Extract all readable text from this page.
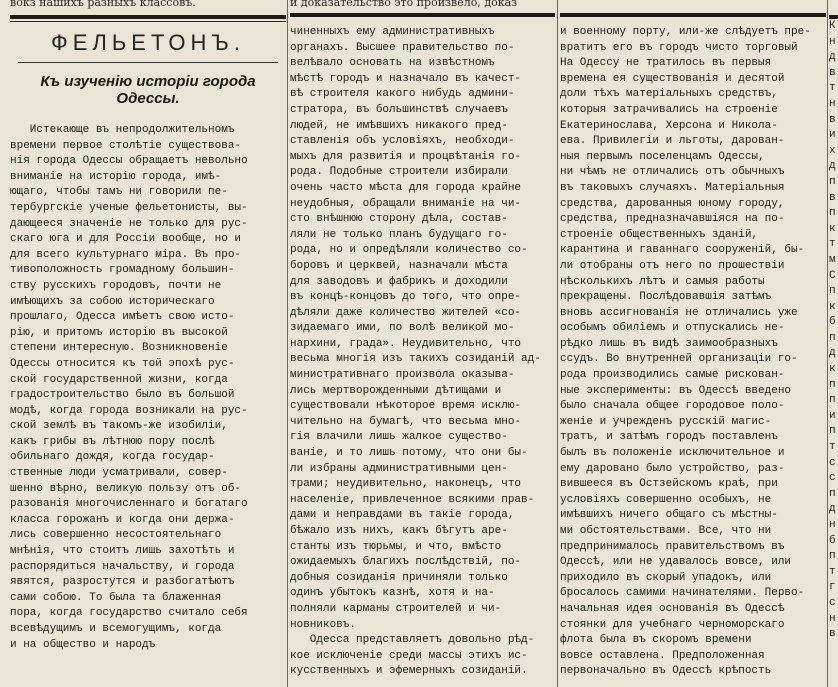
вокз нашихъ разныхъ классовъ.
ФЕЛЬЕТОНЪ.
Къ изученію исторіи города Одессы.

Истекающе въ непродолжительномъ
времени первое столѣтіе существова-
нія города Одессы обращаетъ невольно
вниманіе на исторію города, имѣ-
ющаго, чтобы тамъ ни говорили пе-
тербургскіе ученые фельетонисты, вы-
дающееся значеніе не только для рус-
скаго юга и для Россіи вообще, но и
для всего культурнаго міра. Въ про-
тивоположность громадному большин-
ству русскихъ городовъ, почти не
имѣющихъ за собою историческаго
прошлаго, Одесса имѣетъ свою исто-
рію, и притомъ исторію въ высокой
степени интересную. Возникновеніе
Одессы относится къ той эпохѣ рус-
ской государственной жизни, когда
градостроительство было въ большой
модѣ, когда города возникали на рус-
ской землѣ въ такомъ-же изобиліи,
какъ грибы въ лѣтнюю пору послѣ
обильнаго дождя, когда государ-
ственные люди усматривали, совер-
шенно вѣрно, великую пользу отъ об-
разованія многочисленнаго и богатаго
класса горожанъ и когда они держа-
лись совершенно несостоятельнаго
мнѣнія, что стоитъ лишь захотѣть и
распорядиться начальству, и города
явятся, разростутся и разбогатѣютъ
сами собою. То была та блаженная
пора, когда государство считало себя
всевѣдущимъ и всемогущимъ, когда
и на общество и народъ

и доказательство это произвело, доказ

чиненныхъ ему административныхъ
органахъ. Высшее правительство по-
велѣвало основать на извѣстномъ
мѣстѣ городъ и назначало въ качест-
вѣ строителя какого нибудь админи-
стратора, въ большинствѣ случаевъ
людей, не имѣвшихъ никакого пред-
ставленія объ условіяхъ, необходи-
мыхъ для развитія и процвѣтанія го-
рода. Подобные строители избирали
очень часто мѣста для города крайне
неудобныя, обращали вниманіе на чи-
сто внѣшнюю сторону дѣла, состав-
ляли не только планъ будущаго го-
рода, но и опредѣляли количество со-
боровъ и церквей, назначали мѣста
для заводовъ и фабрикъ и доходили
въ концѣ-концовъ до того, что опре-
дѣляли даже количество жителей «со-
зидаемаго ими, по волѣ великой мо-
нархини, града». Неудивительно, что
весьма многія изъ такихъ созиданій ад-
министративнаго произвола оказыва-
лись мертворожденными дѣтищами и
существовали нѣкоторое время исклю-
чительно на бумагѣ, что весьма мно-
гія влачили лишь жалкое существо-
ваніе, и то лишь потому, что они бы-
ли избраны административными цен-
трами; неудивительно, наконецъ, что
населеніе, привлеченное всякими прав-
дами и неправдами въ такіе города,
бѣжало изъ нихъ, какъ бѣгутъ аре-
станты изъ тюрьмы, и что, вмѣсто
ожидаемыхъ благихъ послѣдствій, по-
добныя созиданія причиняли только
одинъ убытокъ казнѣ, хотя и на-
полняли карманы строителей и чи-
новниковъ.
Одесса представляетъ довольно рѣд-
кое исключеніе среди массы этихъ ис-
кусственныхъ и эфемерныхъ созиданій.

и военному порту, или-же слѣдуетъ пре-
вратитъ его въ городъ чисто торговый
На Одессу не тратилось въ первыя
времена ея существованія и десятой
доли тѣхъ матеріальныхъ средствъ,
которыя затрачивались на строеніе
Екатеринослава, Херсона и Никола-
ева. Привилегіи и льготы, дарован-
ныя первымъ поселенцамъ Одессы,
ни чѣмъ не отличались отъ обычныхъ
въ таковыхъ случаяхъ. Матеріальныя
средства, дарованныя юному городу,
средства, предназначавшіяся на по-
строеніе общественныхъ зданій,
карантина и гаваннаго сооруженій, бы-
ли отобраны отъ него по прошествіи
нѣсколькихъ лѣтъ и самыя работы
прекращены. Послѣдовавшія затѣмъ
вновь ассигнованія не отличались уже
особымъ обиліемъ и отпускались не-
рѣдко лишь въ видѣ заимообразныхъ
ссудъ. Во внутренней организаціи го-
рода производились самые рискован-
ные эксперименты: въ Одессѣ введено
было сначала общее городовое поло-
женіе и учрежденъ русскій магис-
тратъ, и затѣмъ городъ поставленъ
былъ въ положеніе исключительное и
ему даровано было устройство, раз-
вившееся въ Остзейскомъ краѣ, при
условіяхъ совершенно особыхъ, не
имѣвшихъ ничего общаго съ мѣстны-
ми обстоятельствами. Все, что ни
предпринималось правительствомъ въ
Одессѣ, или не удавалось вовсе, или
приходило въ скорый упадокъ, или
бросалось самими начинателями. Перво-
начальная идея основанія въ Одессѣ
стоянки для учебнаго черноморскаго
флота была въ скоромъ времени
вовсе оставлена. Предположенная
первоначально въ Одессѣ крѣпость

К
н
д
в
т
н
в
и
х
д
п
в
п
к
т
м
С
п
к
б
п
д
к
п
п
и
п
т
с
с
п
д
н
б
п
т
г
с
н
в
